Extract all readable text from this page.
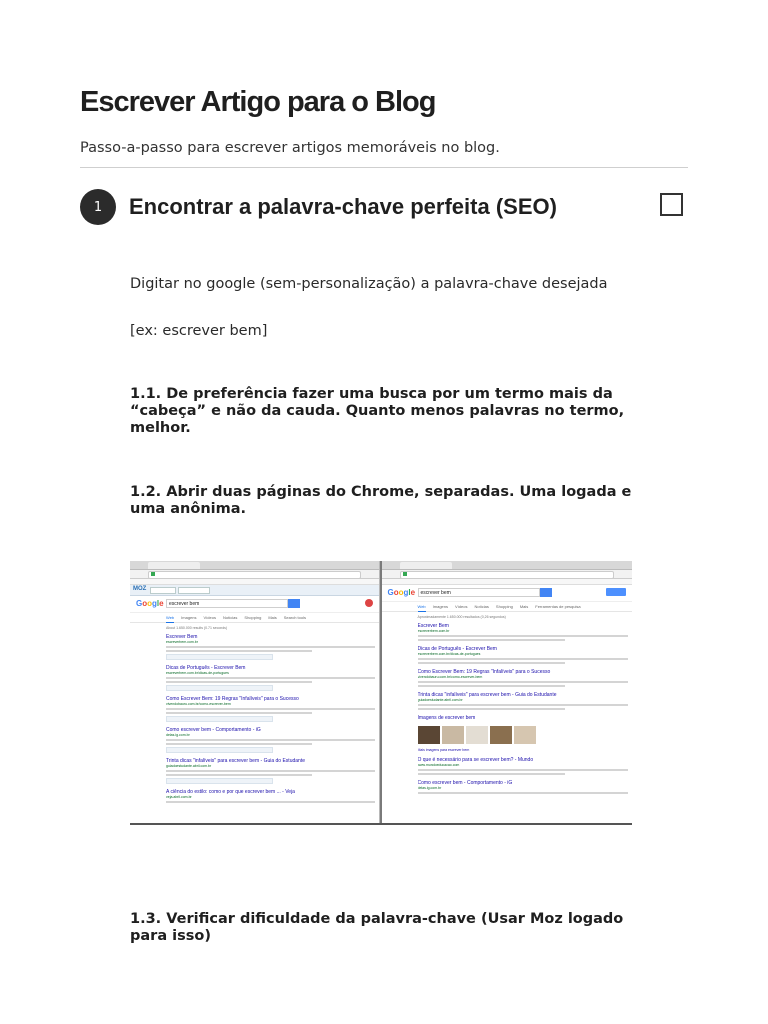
Escrever Artigo para o Blog
Passo-a-passo para escrever artigos memoráveis no blog.
1	Encontrar a palavra-chave perfeita (SEO)
Digitar no google (sem-personalização) a palavra-chave desejada
[ex: escrever bem]
1.1. De preferência fazer uma busca por um termo mais da “cabeça” e não da cauda. Quanto menos palavras no termo, melhor.
1.2. Abrir duas páginas do Chrome, separadas. Uma logada e uma anônima.
MOZ
Google	escrever bem
Web Imagens Vídeos Notícias Shopping Mais Search tools
About 1.650.000 results (0.71 seconds)
Escrever Bem
escreverbem.com.br
Dicas de Português - Escrever Bem
escreverbem.com.br/dicas-de-portugues
Como Escrever Bem: 19 Regras "Infalíveis" para o Sucesso
vivendobauru.com.br/como-escrever-bem
Como escrever bem - Comportamento - iG
delas.ig.com.br
Trinta dicas "infalíveis" para escrever bem - Guia do Estudante
guiadoestudante.abril.com.br
A ciência do estilo: como e por que escrever bem ... - Veja
veja.abril.com.br
Google	escrever bem
Web Imagens Vídeos Notícias Shopping Mais Ferramentas de pesquisa
Aproximadamente 1.650.000 resultados (0,26 segundos)
Escrever Bem
escreverbem.com.br
Dicas de Português - Escrever Bem
escreverbem.com.br/dicas-de-portugues
Como Escrever Bem: 19 Regras "Infalíveis" para o Sucesso
vivendobauru.com.br/como-escrever-bem
Trinta dicas "infalíveis" para escrever bem - Guia do Estudante
guiadoestudante.abril.com.br
Imagens de escrever bem
Mais imagens para escrever bem
O que é necessário para se escrever bem? - Mundo
www.mundoeducacao.com
Como escrever bem - Comportamento - iG
delas.ig.com.br
1.3. Verificar dificuldade da palavra-chave (Usar Moz logado para isso)
